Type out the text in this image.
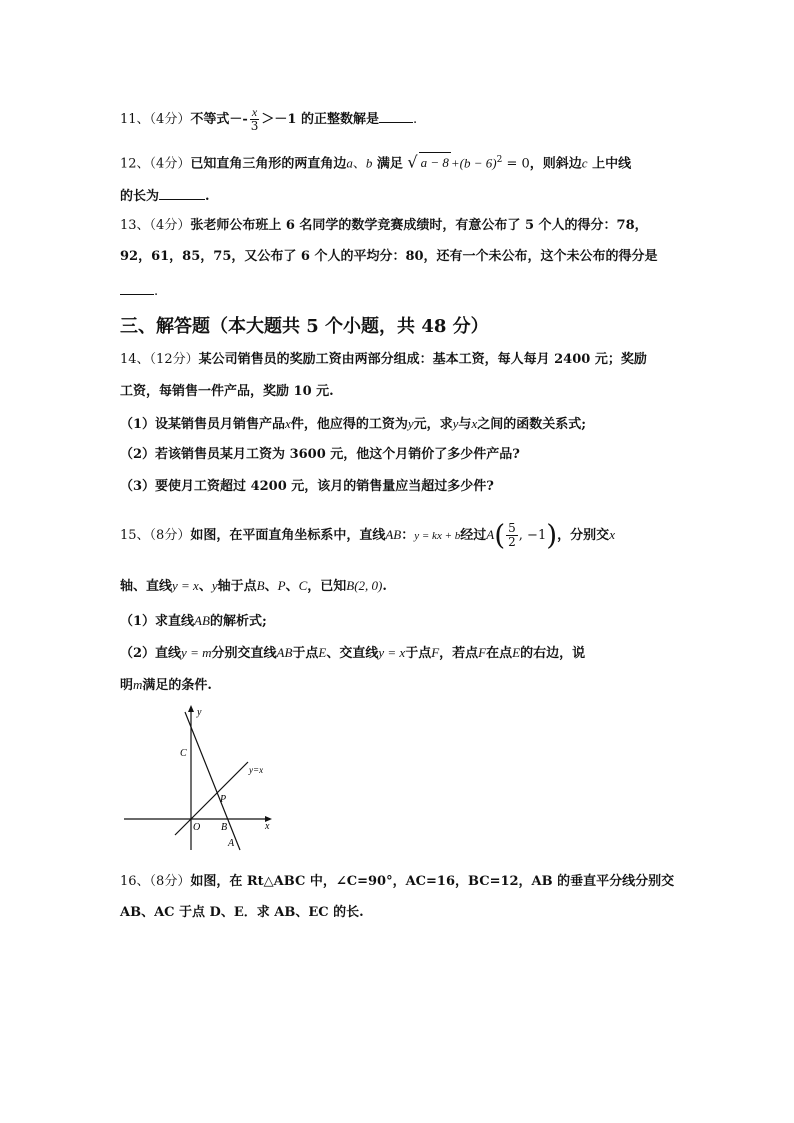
11、（4分）不等式－- $\frac{x}{3} >-1$ 的正整数解是	.
12、（4分）已知直角三角形的两直角边a、b 满足 √ $a - 8 +(b - 6)^2 = 0$，则斜边c 上中线
的长为	.
13、（4分）张老师公布班上 6 名同学的数学竞赛成绩时，有意公布了 5 个人的得分：78，
92，61，85，75，又公布了 6 个人的平均分：80，还有一个未公布，这个未公布的得分是
.
三、解答题（本大题共 5 个小题，共 48 分）
14、（12分）某公司销售员的奖励工资由两部分组成：基本工资，每人每月 2400 元；奖励
工资，每销售一件产品，奖励 10 元.
（1）设某销售员月销售产品x件，他应得的工资为y元，求y与x之间的函数关系式;
（2）若该销售员某月工资为 3600 元，他这个月销价了多少件产品?
（3）要使月工资超过 4200 元，该月的销售量应当超过多少件?
15、（8分）如图，在平面直角坐标系中，直线AB：y = kx + b经过$A( \frac{5}{2}$ , −1)，分别交x
轴、直线y = x、y轴于点B、P、C，已知B(2, 0).
（1）求直线AB的解析式;
（2）直线y = m分别交直线AB于点E、交直线y = x于点F，若点F在点E的右边，说
明m满足的条件.
y
C
y=x
P
O B	x
A
16、（8分）如图，在 Rt△ABC 中，∠C=90°，AC=16，BC=12，AB 的垂直平分线分别交
AB、AC 于点 D、E．求 AB、EC 的长.
